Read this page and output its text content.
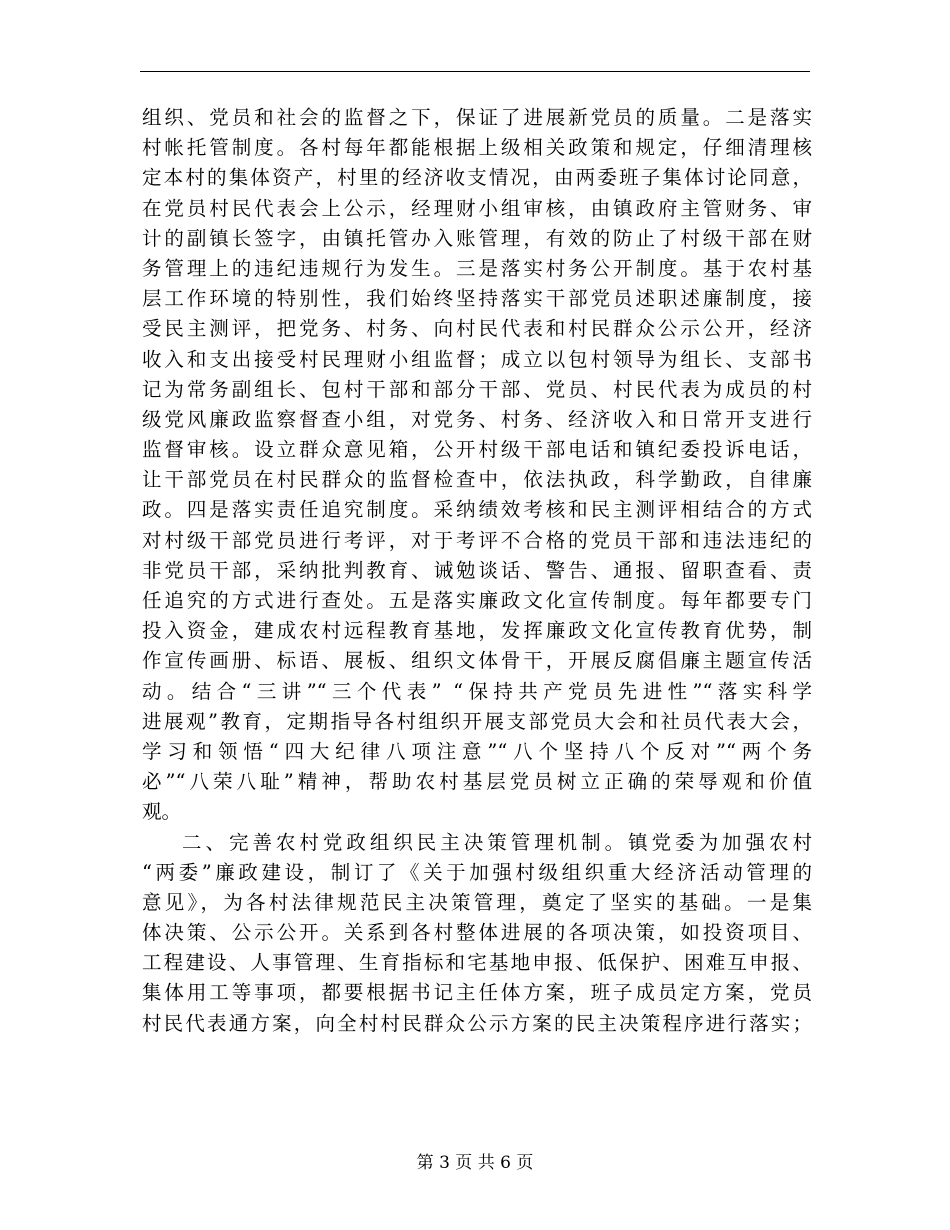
组织、党员和社会的监督之下，保证了进展新党员的质量。二是落实
村帐托管制度。各村每年都能根据上级相关政策和规定，仔细清理核
定本村的集体资产，村里的经济收支情况，由两委班子集体讨论同意，
在党员村民代表会上公示，经理财小组审核，由镇政府主管财务、审
计的副镇长签字，由镇托管办入账管理，有效的防止了村级干部在财
务管理上的违纪违规行为发生。三是落实村务公开制度。基于农村基
层工作环境的特别性，我们始终坚持落实干部党员述职述廉制度，接
受民主测评，把党务、村务、向村民代表和村民群众公示公开，经济
收入和支出接受村民理财小组监督；成立以包村领导为组长、支部书
记为常务副组长、包村干部和部分干部、党员、村民代表为成员的村
级党风廉政监察督查小组，对党务、村务、经济收入和日常开支进行
监督审核。设立群众意见箱，公开村级干部电话和镇纪委投诉电话，
让干部党员在村民群众的监督检查中，依法执政，科学勤政，自律廉
政。四是落实责任追究制度。采纳绩效考核和民主测评相结合的方式
对村级干部党员进行考评，对于考评不合格的党员干部和违法违纪的
非党员干部，采纳批判教育、诫勉谈话、警告、通报、留职查看、责
任追究的方式进行查处。五是落实廉政文化宣传制度。每年都要专门
投入资金，建成农村远程教育基地，发挥廉政文化宣传教育优势，制
作宣传画册、标语、展板、组织文体骨干，开展反腐倡廉主题宣传活
动。结合“三讲”“三个代表” “保持共产党员先进性”“落实科学
进展观”教育，定期指导各村组织开展支部党员大会和社员代表大会，
学习和领悟“四大纪律八项注意”“八个坚持八个反对”“两个务
必”“八荣八耻”精神，帮助农村基层党员树立正确的荣辱观和价值
观。
二、完善农村党政组织民主决策管理机制。镇党委为加强农村
“两委”廉政建设，制订了《关于加强村级组织重大经济活动管理的
意见》，为各村法律规范民主决策管理，奠定了坚实的基础。一是集
体决策、公示公开。关系到各村整体进展的各项决策，如投资项目、
工程建设、人事管理、生育指标和宅基地申报、低保护、困难互申报、
集体用工等事项，都要根据书记主任体方案，班子成员定方案，党员
村民代表通方案，向全村村民群众公示方案的民主决策程序进行落实；
第 3 页 共 6 页
